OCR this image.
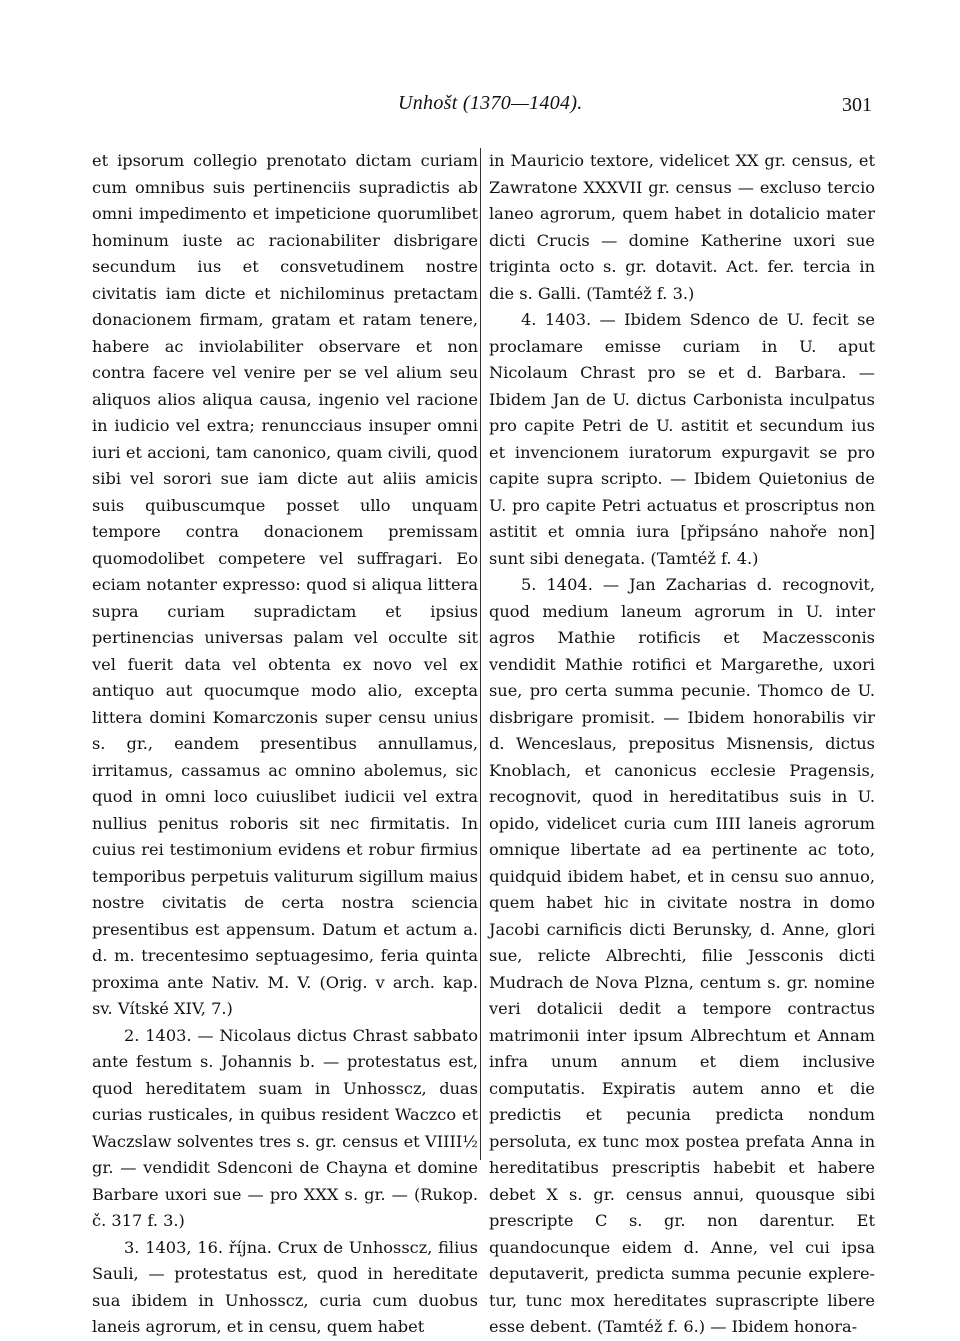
Unhošt (1370—1404).	301

et ipsorum collegio prenotato dictam curiam cum omnibus suis pertinenciis supradictis ab omni impedimento et impeticione quorumlibet hominum iuste ac racionabiliter disbrigare secundum ius et consvetudinem nostre civitatis iam dicte et nichilominus pretactam donacionem firmam, gratam et ratam tenere, habere ac inviolabiliter observare et non contra facere vel venire per se vel alium seu aliquos alios aliqua causa, ingenio vel racione in iudicio vel extra; renuncciaus insuper omni iuri et accioni, tam canonico, quam civili, quod sibi vel sorori sue iam dicte aut aliis amicis suis quibuscumque posset ullo unquam tempore contra donacionem premissam quomodolibet competere vel suffragari. Eo eciam notanter expresso: quod si aliqua littera supra curiam supradictam et ipsius pertinencias universas palam vel occulte sit vel fuerit data vel obtenta ex novo vel ex antiquo aut quocumque modo alio, excepta littera domini Komarczonis super censu unius s. gr., eandem presentibus annullamus, irritamus, cassamus ac omnino abolemus, sic quod in omni loco cuiuslibet iudicii vel extra nullius penitus roboris sit nec firmitatis. In cuius rei testimonium evidens et robur firmius temporibus perpetuis valiturum sigillum maius nostre civitatis de certa nostra sciencia presentibus est appensum. Datum et actum a. d. m. trecentesimo septuagesimo, feria quinta proxima ante Nativ. M. V. (Orig. v arch. kap. sv. Vítské XIV, 7.)

2. 1403. — Nicolaus dictus Chrast sabbato ante festum s. Johannis b. — protestatus est, quod hereditatem suam in Unhosscz, duas curias rusticales, in quibus resident Waczco et Waczslaw solventes tres s. gr. census et VIIII½ gr. — vendidit Sdenconi de Chayna et domine Barbare uxori sue — pro XXX s. gr. — (Rukop. č. 317 f. 3.)

3. 1403, 16. října. Crux de Unhosscz, filius Sauli, — protestatus est, quod in hereditate sua ibidem in Unhosscz, curia cum duobus laneis agrorum, et in censu, quem habet

in Mauricio textore, videlicet XX gr. census, et Zawratone XXXVII gr. census — excluso tercio laneo agrorum, quem habet in dotalicio mater dicti Crucis — domine Katherine uxori sue triginta octo s. gr. dotavit. Act. fer. tercia in die s. Galli. (Tamtéž f. 3.)

4. 1403. — Ibidem Sdenco de U. fecit se proclamare emisse curiam in U. aput Nicolaum Chrast pro se et d. Barbara. — Ibidem Jan de U. dictus Carbonista inculpatus pro capite Petri de U. astitit et secundum ius et invencionem iuratorum expurgavit se pro capite supra scripto. — Ibidem Quietonius de U. pro capite Petri actuatus et proscriptus non astitit et omnia iura [připsáno nahoře non] sunt sibi denegata. (Tamtéž f. 4.)

5. 1404. — Jan Zacharias d. recognovit, quod medium laneum agrorum in U. inter agros Mathie rotificis et Maczessconis vendidit Mathie rotifici et Margarethe, uxori sue, pro certa summa pecunie. Thomco de U. disbrigare promisit. — Ibidem honorabilis vir d. Wenceslaus, prepositus Misnensis, dictus Knoblach, et canonicus ecclesie Pragensis, recognovit, quod in hereditatibus suis in U. opido, videlicet curia cum IIII laneis agrorum omnique libertate ad ea pertinente ac toto, quidquid ibidem habet, et in censu suo annuo, quem habet hic in civitate nostra in domo Jacobi carnificis dicti Berunsky, d. Anne, glori sue, relicte Albrechti, filie Jessconis dicti Mudrach de Nova Plzna, centum s. gr. nomine veri dotalicii dedit a tempore contractus matrimonii inter ipsum Albrechtum et Annam infra unum annum et diem inclusive computatis. Expiratis autem anno et die predictis et pecunia predicta nondum persoluta, ex tunc mox postea prefata Anna in hereditatibus prescriptis habebit et habere debet X s. gr. census annui, quousque sibi prescripte C s. gr. non darentur. Et quandocunque eidem d. Anne, vel cui ipsa deputaverit, predicta summa pecunie explere-tur, tunc mox hereditates suprascripte libere esse debent. (Tamtéž f. 6.) — Ibidem honora-
